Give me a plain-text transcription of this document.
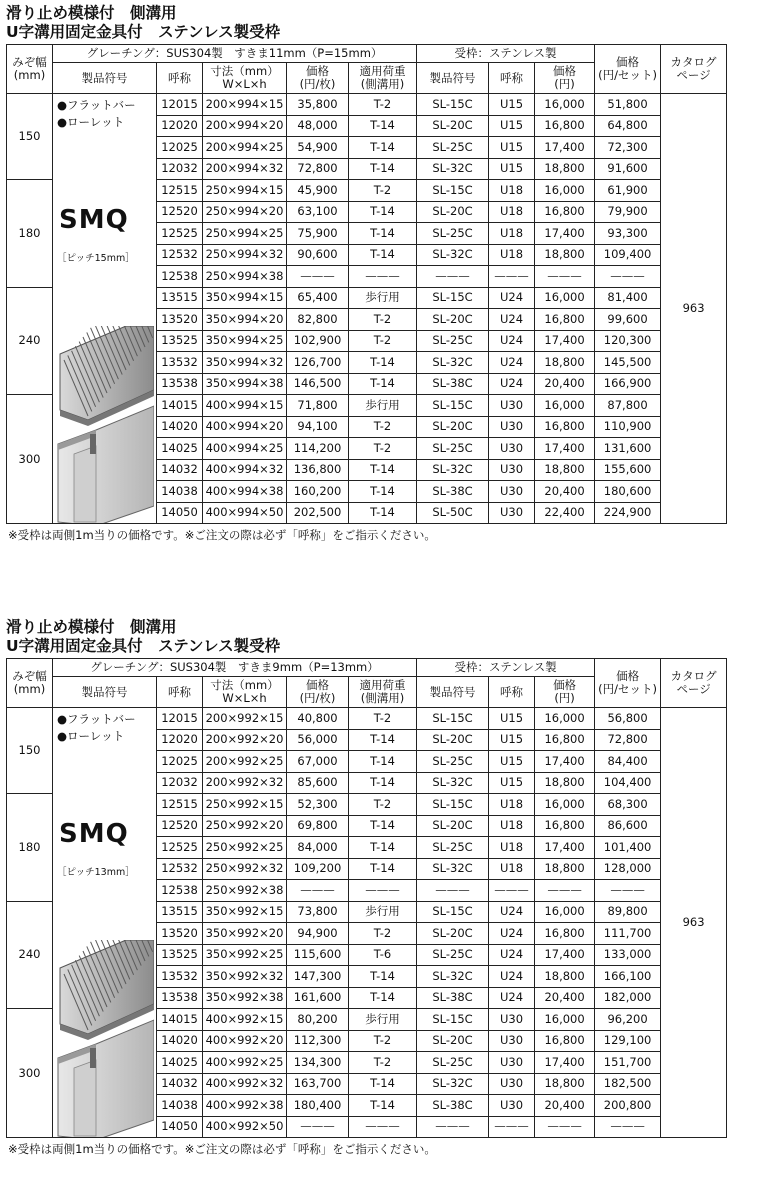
滑り止め模様付　側溝用
U字溝用固定金具付　ステンレス製受枠
みぞ幅
(mm)	グレーチング：SUS304製　すきま11mm（P=15mm）					受枠：ステンレス製			価格
(円/セット)	カタログ
ページ
	製品符号	呼称	寸法（mm）
W×L×h	価格
(円/枚)	適用荷重
(側溝用)	製品符号	呼称	価格
(円)		
150	●フラットバー
●ローレット
SMQ
［ピッチ15mm］	12015	200×994×15	35,800	T-2	SL-15C	U15	16,000	51,800	963
		12020	200×994×20	48,000	T-14	SL-20C	U15	16,800	64,800	
		12025	200×994×25	54,900	T-14	SL-25C	U15	17,400	72,300	
		12032	200×994×32	72,800	T-14	SL-32C	U15	18,800	91,600	
180		12515	250×994×15	45,900	T-2	SL-15C	U18	16,000	61,900	
		12520	250×994×20	63,100	T-14	SL-20C	U18	16,800	79,900	
		12525	250×994×25	75,900	T-14	SL-25C	U18	17,400	93,300	
		12532	250×994×32	90,600	T-14	SL-32C	U18	18,800	109,400	
		12538	250×994×38	———	———	———	———	———	———	
240		13515	350×994×15	65,400	歩行用	SL-15C	U24	16,000	81,400	
		13520	350×994×20	82,800	T-2	SL-20C	U24	16,800	99,600	
		13525	350×994×25	102,900	T-2	SL-25C	U24	17,400	120,300	
		13532	350×994×32	126,700	T-14	SL-32C	U24	18,800	145,500	
		13538	350×994×38	146,500	T-14	SL-38C	U24	20,400	166,900	
300		14015	400×994×15	71,800	歩行用	SL-15C	U30	16,000	87,800	
		14020	400×994×20	94,100	T-2	SL-20C	U30	16,800	110,900	
		14025	400×994×25	114,200	T-2	SL-25C	U30	17,400	131,600	
		14032	400×994×32	136,800	T-14	SL-32C	U30	18,800	155,600	
		14038	400×994×38	160,200	T-14	SL-38C	U30	20,400	180,600	
		14050	400×994×50	202,500	T-14	SL-50C	U30	22,400	224,900	
※受枠は両側1m当りの価格です。※ご注文の際は必ず「呼称」をご指示ください。
滑り止め模様付　側溝用
U字溝用固定金具付　ステンレス製受枠
みぞ幅
(mm)	グレーチング：SUS304製　すきま9mm（P=13mm）					受枠：ステンレス製			価格
(円/セット)	カタログ
ページ
	製品符号	呼称	寸法（mm）
W×L×h	価格
(円/枚)	適用荷重
(側溝用)	製品符号	呼称	価格
(円)		
150	●フラットバー
●ローレット
SMQ
［ピッチ13mm］	12015	200×992×15	40,800	T-2	SL-15C	U15	16,000	56,800	963
		12020	200×992×20	56,000	T-14	SL-20C	U15	16,800	72,800	
		12025	200×992×25	67,000	T-14	SL-25C	U15	17,400	84,400	
		12032	200×992×32	85,600	T-14	SL-32C	U15	18,800	104,400	
180		12515	250×992×15	52,300	T-2	SL-15C	U18	16,000	68,300	
		12520	250×992×20	69,800	T-14	SL-20C	U18	16,800	86,600	
		12525	250×992×25	84,000	T-14	SL-25C	U18	17,400	101,400	
		12532	250×992×32	109,200	T-14	SL-32C	U18	18,800	128,000	
		12538	250×992×38	———	———	———	———	———	———	
240		13515	350×992×15	73,800	歩行用	SL-15C	U24	16,000	89,800	
		13520	350×992×20	94,900	T-2	SL-20C	U24	16,800	111,700	
		13525	350×992×25	115,600	T-6	SL-25C	U24	17,400	133,000	
		13532	350×992×32	147,300	T-14	SL-32C	U24	18,800	166,100	
		13538	350×992×38	161,600	T-14	SL-38C	U24	20,400	182,000	
300		14015	400×992×15	80,200	歩行用	SL-15C	U30	16,000	96,200	
		14020	400×992×20	112,300	T-2	SL-20C	U30	16,800	129,100	
		14025	400×992×25	134,300	T-2	SL-25C	U30	17,400	151,700	
		14032	400×992×32	163,700	T-14	SL-32C	U30	18,800	182,500	
		14038	400×992×38	180,400	T-14	SL-38C	U30	20,400	200,800	
		14050	400×992×50	———	———	———	———	———	———	
※受枠は両側1m当りの価格です。※ご注文の際は必ず「呼称」をご指示ください。
